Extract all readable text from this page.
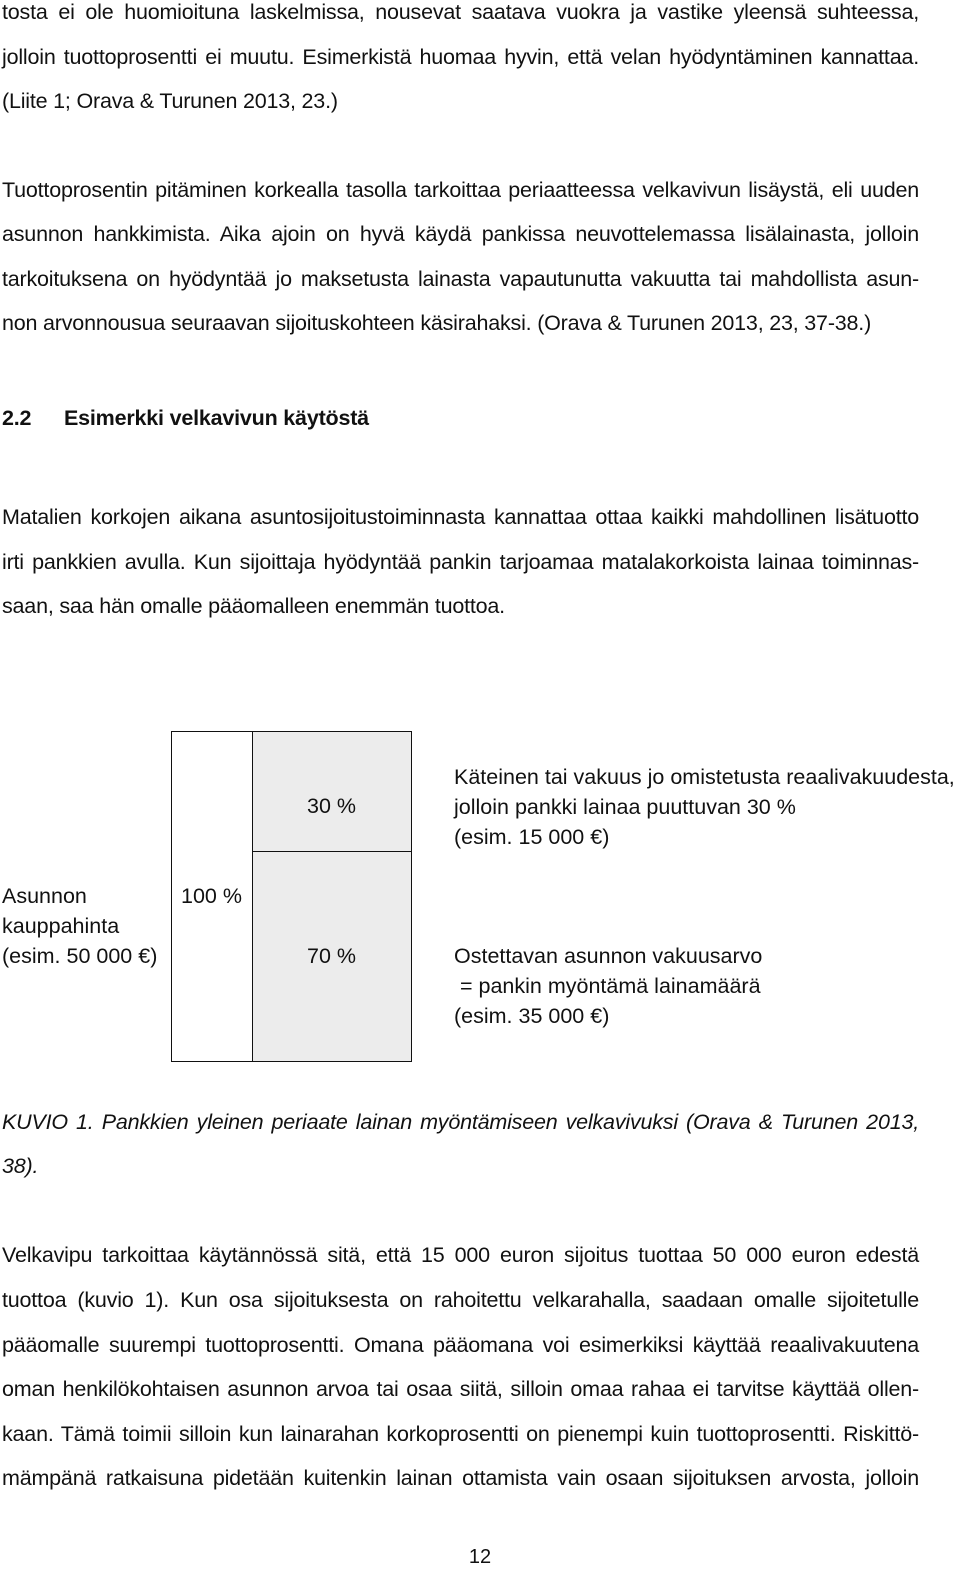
tosta ei ole huomioituna laskelmissa, nousevat saatava vuokra ja vastike yleensä suhteessa,
jolloin tuottoprosentti ei muutu. Esimerkistä huomaa hyvin, että velan hyödyntäminen kannattaa.
(Liite 1; Orava & Turunen 2013, 23.)
Tuottoprosentin pitäminen korkealla tasolla tarkoittaa periaatteessa velkavivun lisäystä, eli uuden
asunnon hankkimista. Aika ajoin on hyvä käydä pankissa neuvottelemassa lisälainasta, jolloin
tarkoituksena on hyödyntää jo maksetusta lainasta vapautunutta vakuutta tai mahdollista asun-
non arvonnousua seuraavan sijoituskohteen käsirahaksi. (Orava & Turunen 2013, 23, 37-38.)
2.2 Esimerkki velkavivun käytöstä
Matalien korkojen aikana asuntosijoitustoiminnasta kannattaa ottaa kaikki mahdollinen lisätuotto
irti pankkien avulla. Kun sijoittaja hyödyntää pankin tarjoamaa matalakorkoista lainaa toiminnas-
saan, saa hän omalle pääomalleen enemmän tuottoa.
30 %
70 %
100 %
Asunnon
kauppahinta
(esim. 50 000 €)
Käteinen tai vakuus jo omistetusta reaalivakuudesta,
jolloin pankki lainaa puuttuvan 30 %
(esim. 15 000 €)
Ostettavan asunnon vakuusarvo
= pankin myöntämä lainamäärä
(esim. 35 000 €)
KUVIO 1. Pankkien yleinen periaate lainan myöntämiseen velkavivuksi (Orava & Turunen 2013,
38).
Velkavipu tarkoittaa käytännössä sitä, että 15 000 euron sijoitus tuottaa 50 000 euron edestä
tuottoa (kuvio 1). Kun osa sijoituksesta on rahoitettu velkarahalla, saadaan omalle sijoitetulle
pääomalle suurempi tuottoprosentti. Omana pääomana voi esimerkiksi käyttää reaalivakuutena
oman henkilökohtaisen asunnon arvoa tai osaa siitä, silloin omaa rahaa ei tarvitse käyttää ollen-
kaan. Tämä toimii silloin kun lainarahan korkoprosentti on pienempi kuin tuottoprosentti. Riskittö-
mämpänä ratkaisuna pidetään kuitenkin lainan ottamista vain osaan sijoituksen arvosta, jolloin
12
